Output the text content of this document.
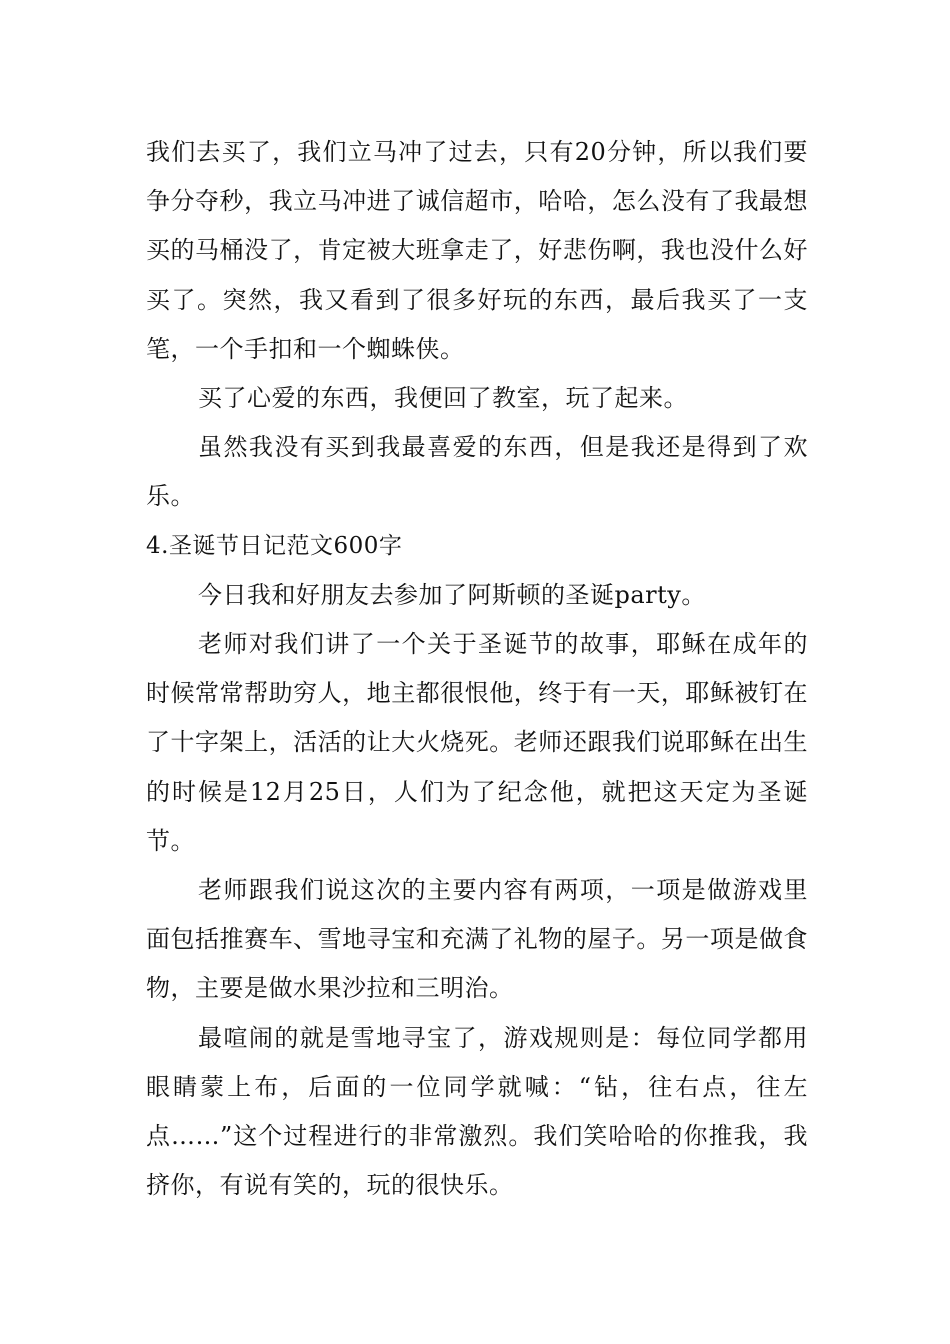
我们去买了，我们立马冲了过去，只有20分钟，所以我们要争分夺秒，我立马冲进了诚信超市，哈哈，怎么没有了我最想买的马桶没了，肯定被大班拿走了，好悲伤啊，我也没什么好买了。突然，我又看到了很多好玩的东西，最后我买了一支笔，一个手扣和一个蜘蛛侠。

买了心爱的东西，我便回了教室，玩了起来。

虽然我没有买到我最喜爱的东西，但是我还是得到了欢乐。

4.圣诞节日记范文600字

今日我和好朋友去参加了阿斯顿的圣诞party。

老师对我们讲了一个关于圣诞节的故事，耶稣在成年的时候常常帮助穷人，地主都很恨他，终于有一天，耶稣被钉在了十字架上，活活的让大火烧死。老师还跟我们说耶稣在出生的时候是12月25日，人们为了纪念他，就把这天定为圣诞节。

老师跟我们说这次的主要内容有两项，一项是做游戏里面包括推赛车、雪地寻宝和充满了礼物的屋子。另一项是做食物，主要是做水果沙拉和三明治。

最喧闹的就是雪地寻宝了，游戏规则是：每位同学都用眼睛蒙上布，后面的一位同学就喊：“钻，往右点，往左点……”这个过程进行的非常激烈。我们笑哈哈的你推我，我挤你，有说有笑的，玩的很快乐。
